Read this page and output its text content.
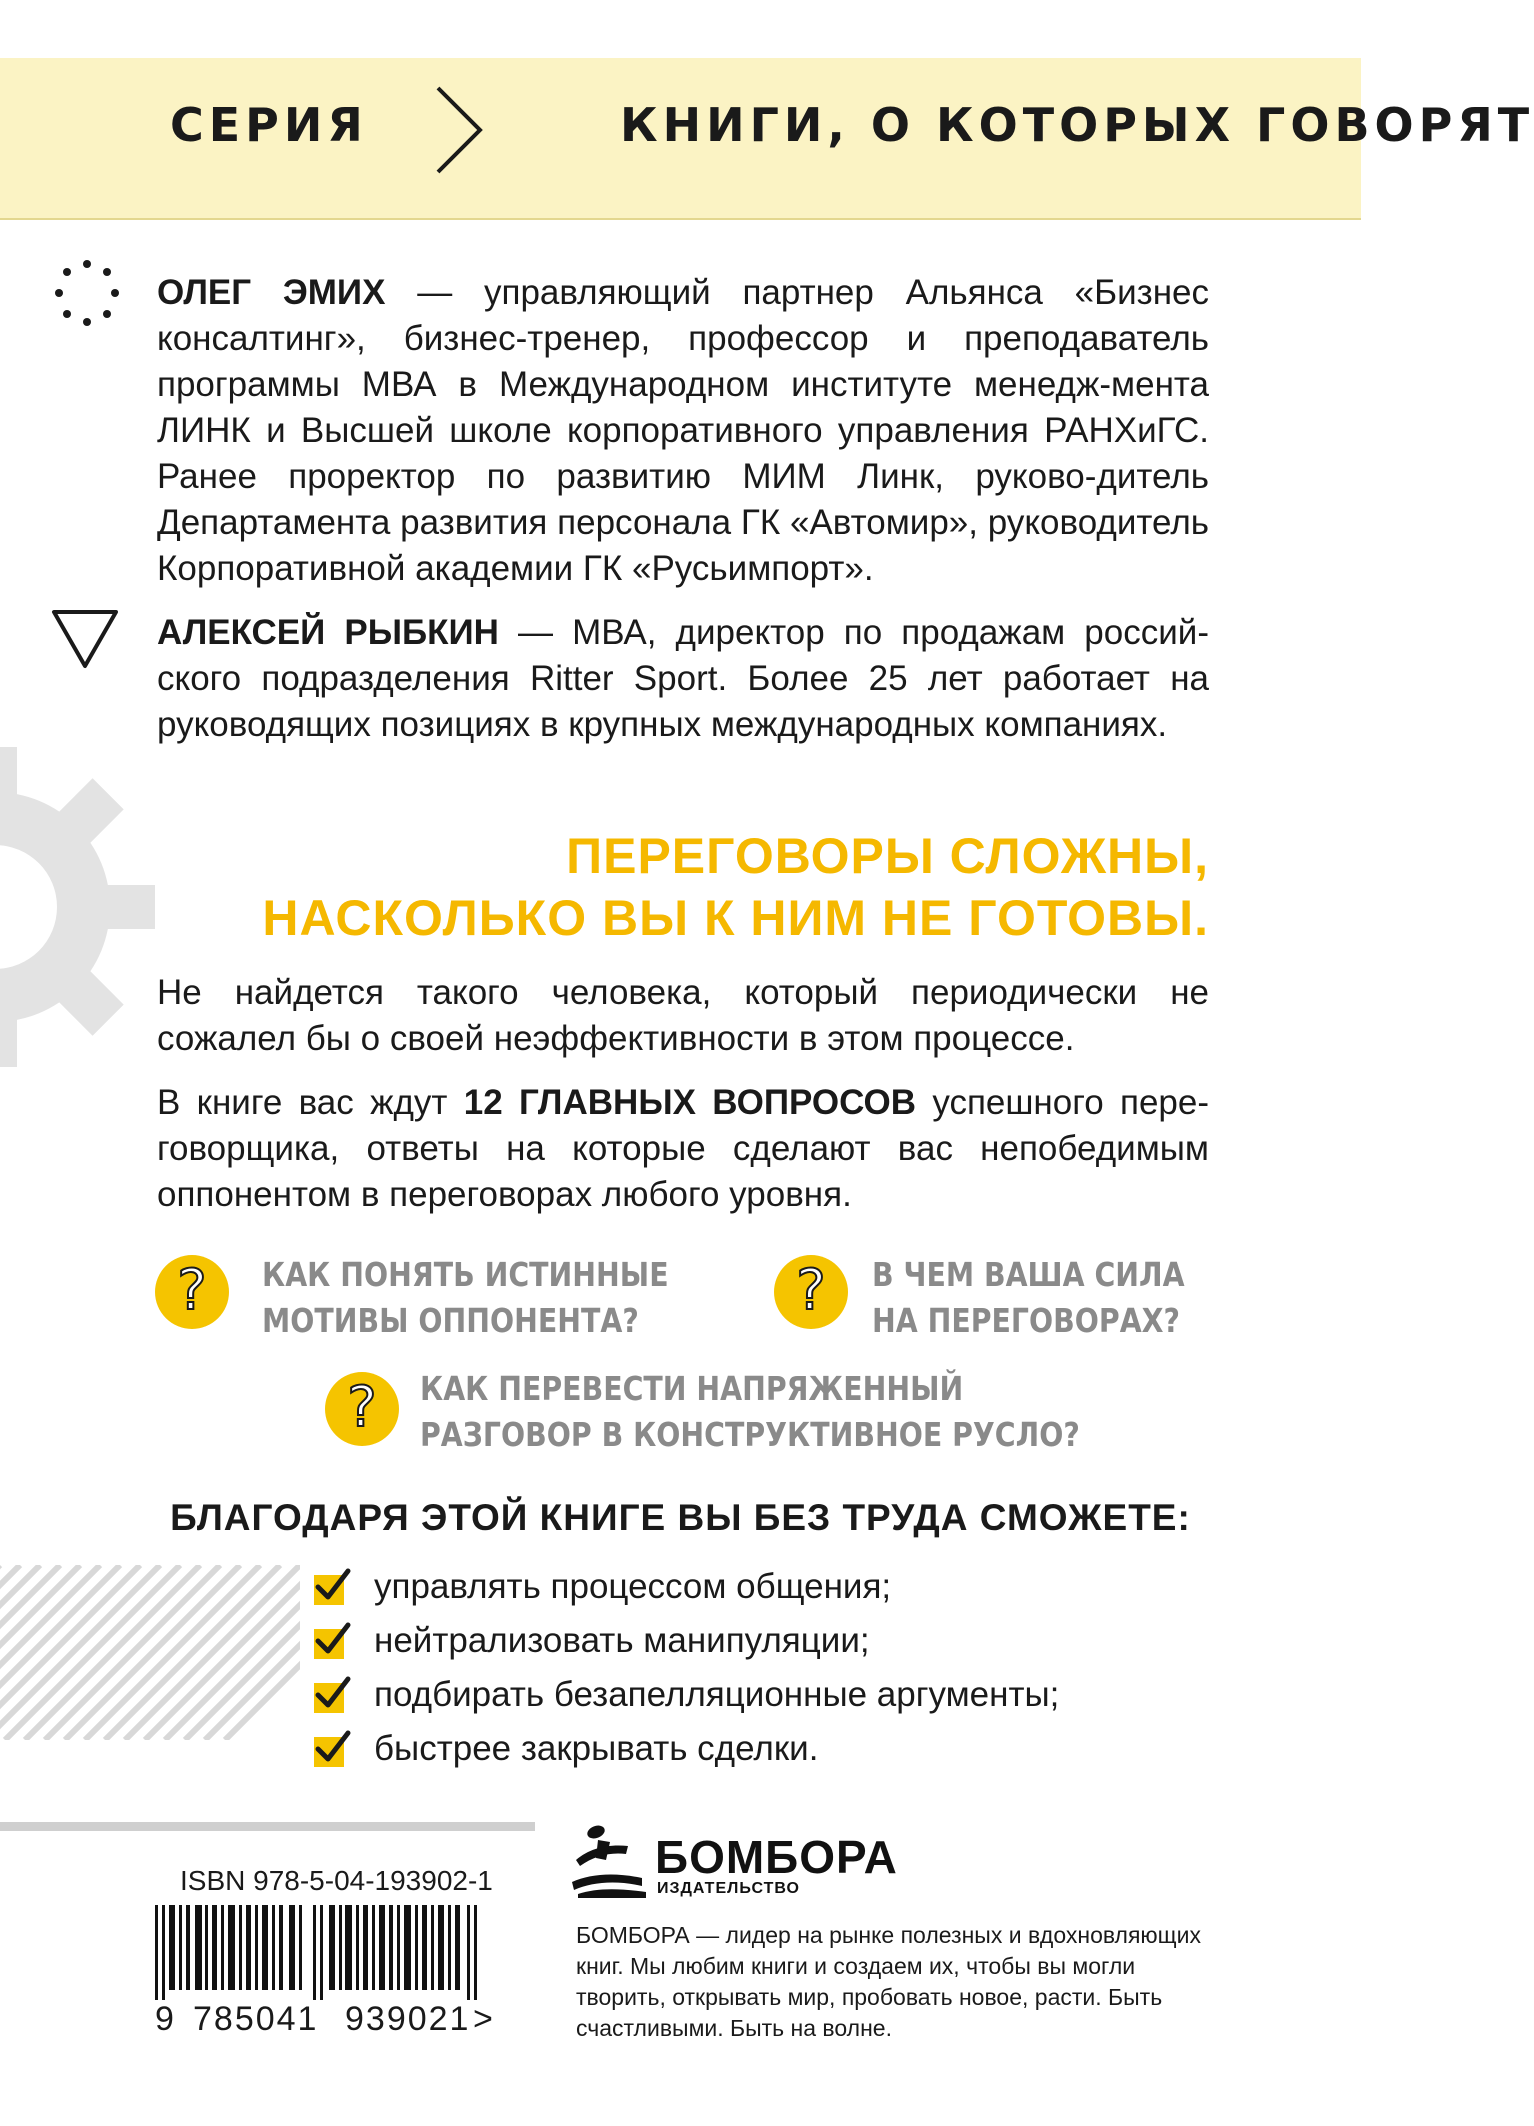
СЕРИЯ	КНИГИ, О КОТОРЫХ ГОВОРЯТ
ОЛЕГ ЭМИХ — управляющий партнер Альянса «Бизнес консалтинг», бизнес-тренер, профессор и преподаватель программы МВА в Международном институте менедж-мента ЛИНК и Высшей школе корпоративного управления РАНХиГС. Ранее проректор по развитию МИМ Линк, руково-дитель Департамента развития персонала ГК «Автомир», руководитель Корпоративной академии ГК «Русьимпорт».
АЛЕКСЕЙ РЫБКИН — МВА, директор по продажам россий-ского подразделения Ritter Sport. Более 25 лет работает на руководящих позициях в крупных международных компаниях.
ПЕРЕГОВОРЫ СЛОЖНЫ,
НАСКОЛЬКО ВЫ К НИМ НЕ ГОТОВЫ.
Не найдется такого человека, который периодически не сожалел бы о своей неэффективности в этом процессе.
В книге вас ждут 12 ГЛАВНЫХ ВОПРОСОВ успешного пере-говорщика, ответы на которые сделают вас непобедимым оппонентом в переговорах любого уровня.
? КАК ПОНЯТЬ ИСТИННЫЕ
МОТИВЫ ОППОНЕНТА?	? В ЧЕМ ВАША СИЛА
НА ПЕРЕГОВОРАХ?
? КАК ПЕРЕВЕСТИ НАПРЯЖЕННЫЙ
РАЗГОВОР В КОНСТРУКТИВНОЕ РУСЛО?
БЛАГОДАРЯ ЭТОЙ КНИГЕ ВЫ БЕЗ ТРУДА СМОЖЕТЕ:
управлять процессом общения;
нейтрализовать манипуляции;
подбирать безапелляционные аргументы;
быстрее закрывать сделки.
ISBN 978-5-04-193902-1
9 785041 939021 >
БОМБОРА
ИЗДАТЕЛЬСТВО
БОМБОРА — лидер на рынке полезных и вдохновляющих книг. Мы любим книги и создаем их, чтобы вы могли творить, открывать мир, пробовать новое, расти. Быть счастливыми. Быть на волне.
